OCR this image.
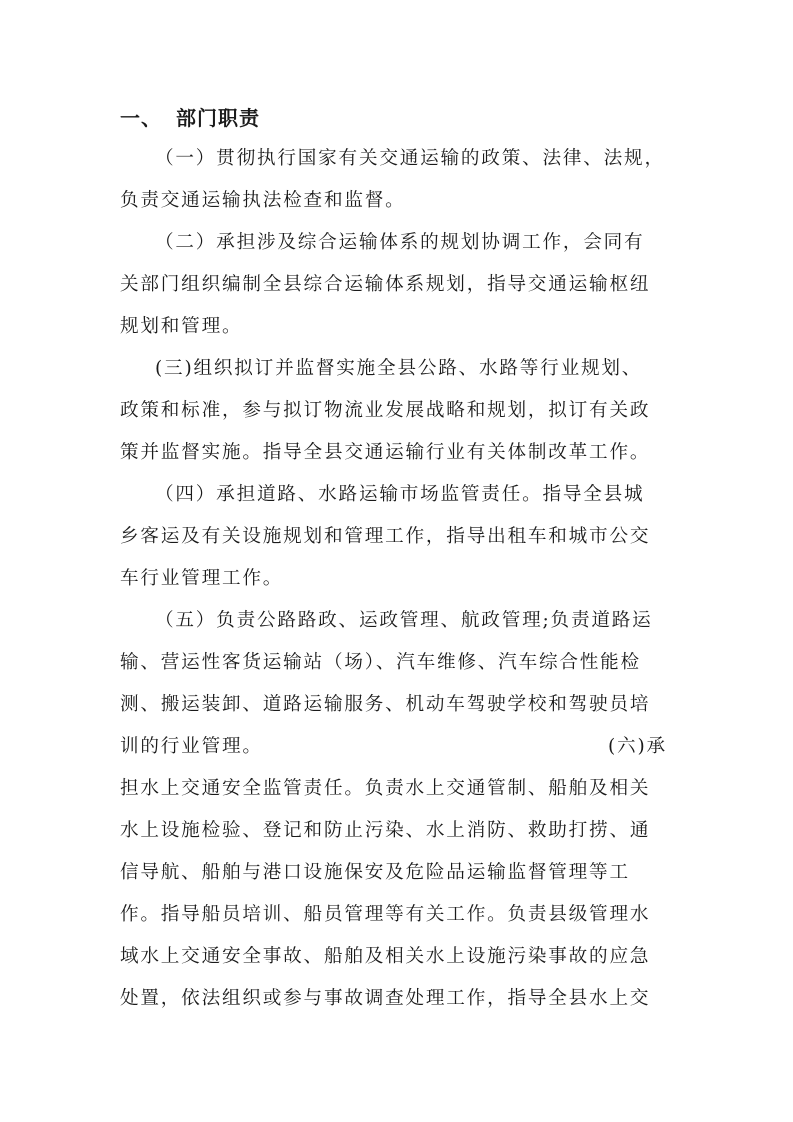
一、 部门职责
（一）贯彻执行国家有关交通运输的政策、法律、法规，
负责交通运输执法检查和监督。
（二）承担涉及综合运输体系的规划协调工作，会同有
关部门组织编制全县综合运输体系规划，指导交通运输枢纽
规划和管理。
(三)组织拟订并监督实施全县公路、水路等行业规划、
政策和标准，参与拟订物流业发展战略和规划，拟订有关政
策并监督实施。指导全县交通运输行业有关体制改革工作。
（四）承担道路、水路运输市场监管责任。指导全县城
乡客运及有关设施规划和管理工作，指导出租车和城市公交
车行业管理工作。
（五）负责公路路政、运政管理、航政管理;负责道路运
输、营运性客货运输站（场）、汽车维修、汽车综合性能检
测、搬运装卸、道路运输服务、机动车驾驶学校和驾驶员培
训的行业管理。	(六)承
担水上交通安全监管责任。负责水上交通管制、船舶及相关
水上设施检验、登记和防止污染、水上消防、救助打捞、通
信导航、船舶与港口设施保安及危险品运输监督管理等工
作。指导船员培训、船员管理等有关工作。负责县级管理水
域水上交通安全事故、船舶及相关水上设施污染事故的应急
处置，依法组织或参与事故调查处理工作，指导全县水上交
